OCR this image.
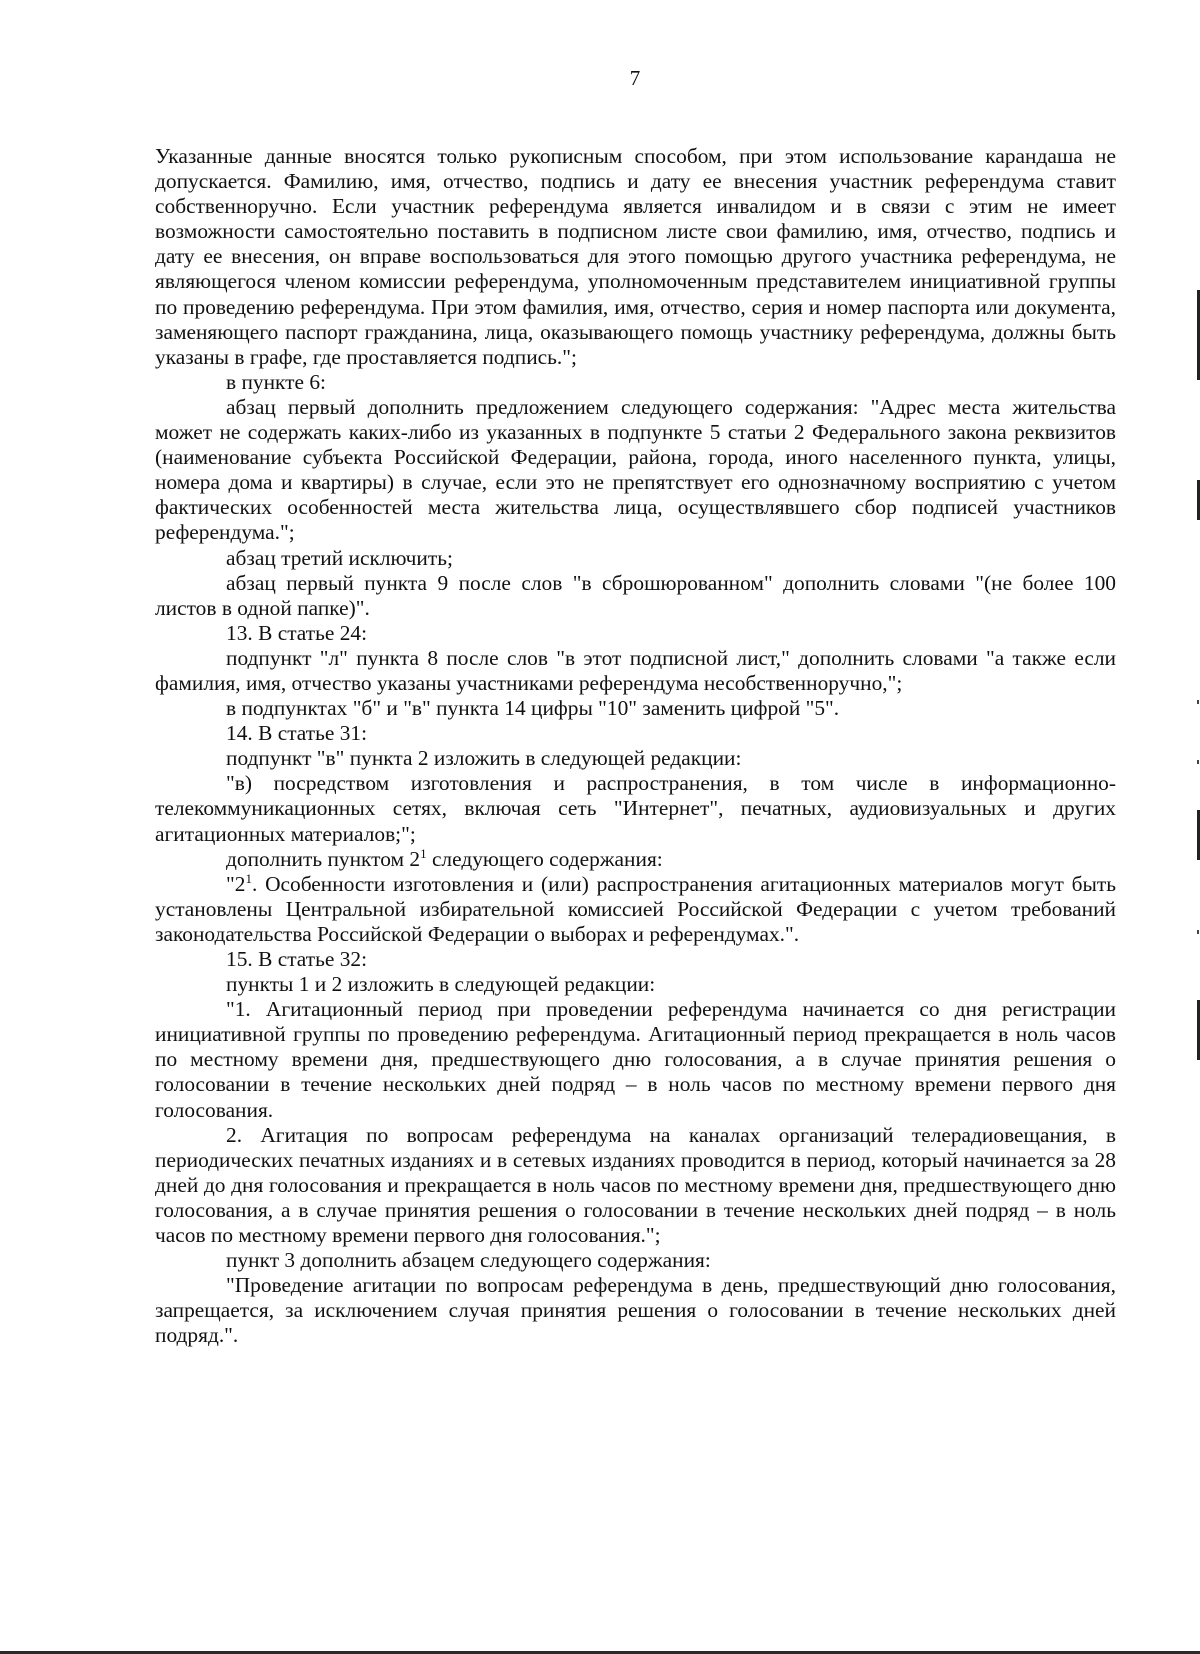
7

Указанные данные вносятся только рукописным способом, при этом использование карандаша не допускается. Фамилию, имя, отчество, подпись и дату ее внесения участник референдума ставит собственноручно. Если участник референдума является инвалидом и в связи с этим не имеет возможности самостоятельно поставить в подписном листе свои фамилию, имя, отчество, подпись и дату ее внесения, он вправе воспользоваться для этого помощью другого участника референдума, не являющегося членом комиссии референдума, уполномоченным представителем инициативной группы по проведению референдума. При этом фамилия, имя, отчество, серия и номер паспорта или документа, заменяющего паспорт гражданина, лица, оказывающего помощь участнику референдума, должны быть указаны в графе, где проставляется подпись.";

в пункте 6:

абзац первый дополнить предложением следующего содержания: "Адрес места жительства может не содержать каких-либо из указанных в подпункте 5 статьи 2 Федерального закона реквизитов (наименование субъекта Российской Федерации, района, города, иного населенного пункта, улицы, номера дома и квартиры) в случае, если это не препятствует его однозначному восприятию с учетом фактических особенностей места жительства лица, осуществлявшего сбор подписей участников референдума.";

абзац третий исключить;

абзац первый пункта 9 после слов "в сброшюрованном" дополнить словами "(не более 100 листов в одной папке)".

13. В статье 24:

подпункт "л" пункта 8 после слов "в этот подписной лист," дополнить словами "а также если фамилия, имя, отчество указаны участниками референдума несобственноручно,";

в подпунктах "б" и "в" пункта 14 цифры "10" заменить цифрой "5".

14. В статье 31:

подпункт "в" пункта 2 изложить в следующей редакции:

"в) посредством изготовления и распространения, в том числе в информационно-телекоммуникационных сетях, включая сеть "Интернет", печатных, аудиовизуальных и других агитационных материалов;";

дополнить пунктом $2^1$ следующего содержания:

"$2^1$. Особенности изготовления и (или) распространения агитационных материалов могут быть установлены Центральной избирательной комиссией Российской Федерации с учетом требований законодательства Российской Федерации о выборах и референдумах.".

15. В статье 32:

пункты 1 и 2 изложить в следующей редакции:

"1. Агитационный период при проведении референдума начинается со дня регистрации инициативной группы по проведению референдума. Агитационный период прекращается в ноль часов по местному времени дня, предшествующего дню голосования, а в случае принятия решения о голосовании в течение нескольких дней подряд – в ноль часов по местному времени первого дня голосования.

2. Агитация по вопросам референдума на каналах организаций телерадиовещания, в периодических печатных изданиях и в сетевых изданиях проводится в период, который начинается за 28 дней до дня голосования и прекращается в ноль часов по местному времени дня, предшествующего дню голосования, а в случае принятия решения о голосовании в течение нескольких дней подряд – в ноль часов по местному времени первого дня голосования.";

пункт 3 дополнить абзацем следующего содержания:

"Проведение агитации по вопросам референдума в день, предшествующий дню голосования, запрещается, за исключением случая принятия решения о голосовании в течение нескольких дней подряд.".
